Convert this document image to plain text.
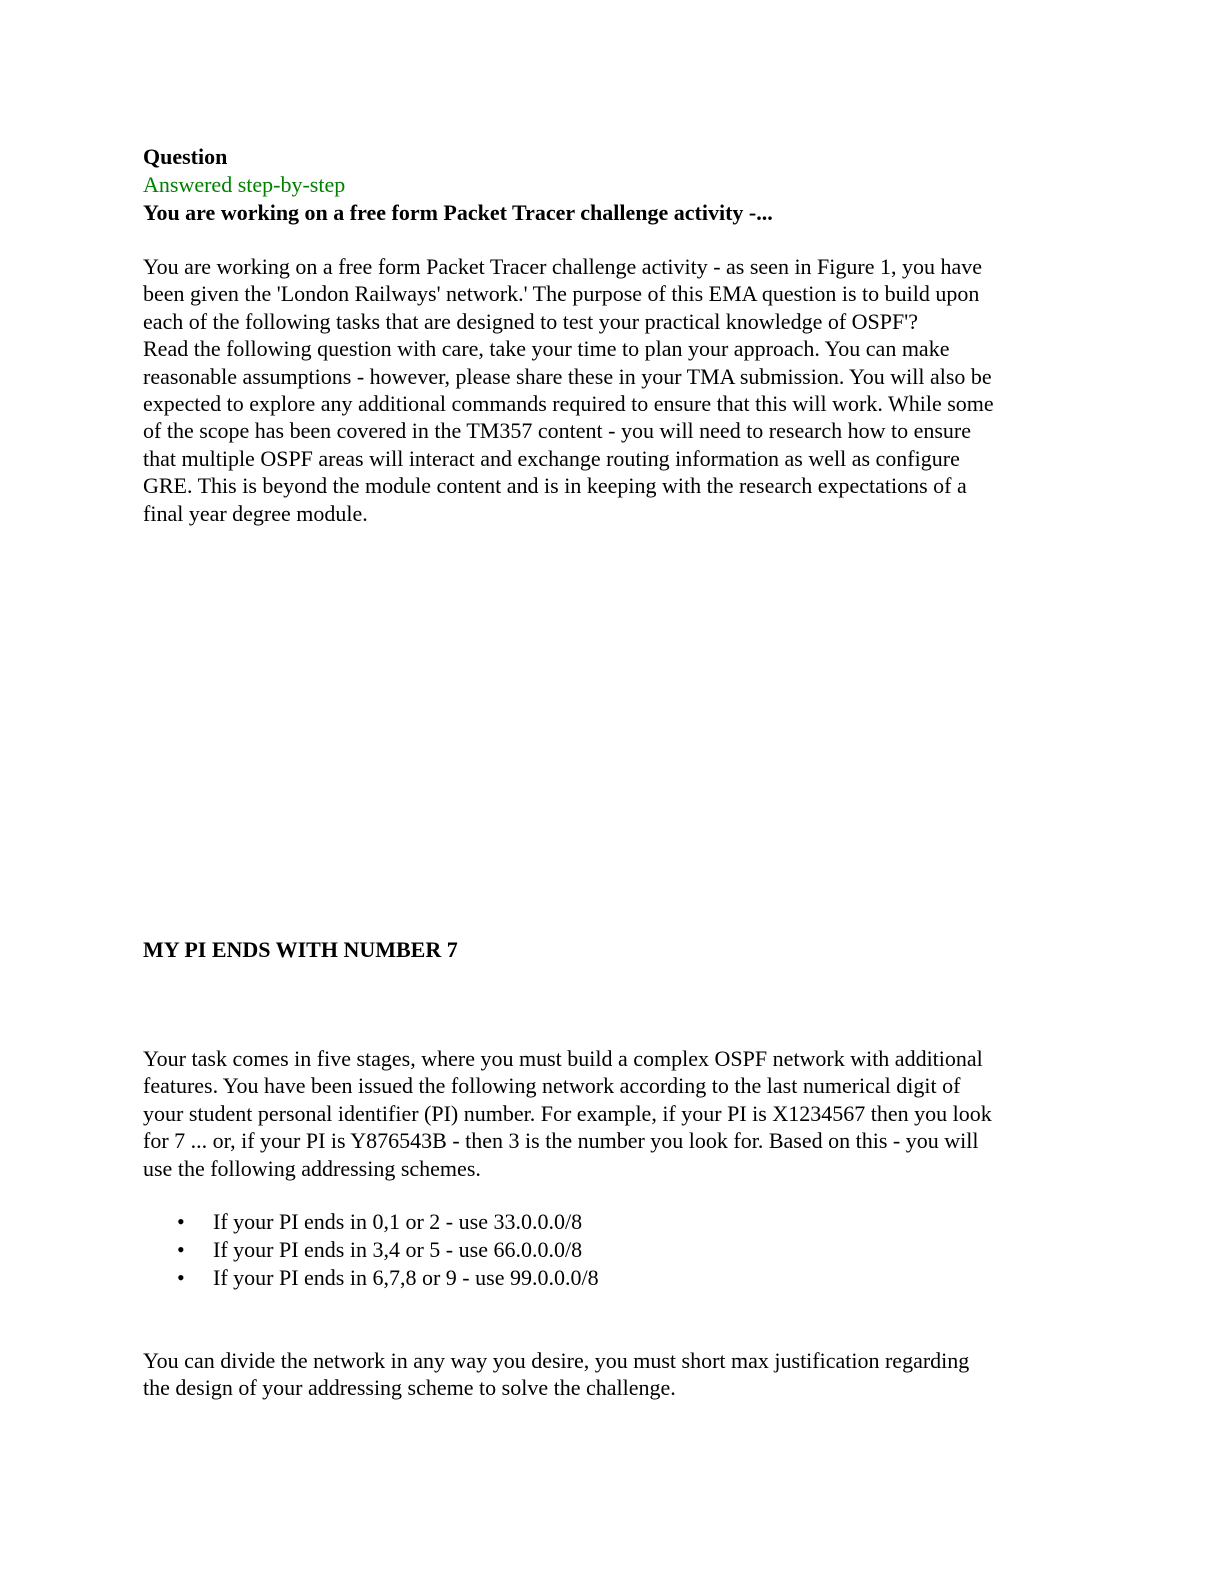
Question

Answered step-by-step

You are working on a free form Packet Tracer challenge activity -...

You are working on a free form Packet Tracer challenge activity - as seen in Figure 1, you have
been given the 'London Railways' network.' The purpose of this EMA question is to build upon
each of the following tasks that are designed to test your practical knowledge of OSPF'?
Read the following question with care, take your time to plan your approach. You can make
reasonable assumptions - however, please share these in your TMA submission. You will also be
expected to explore any additional commands required to ensure that this will work. While some
of the scope has been covered in the TM357 content - you will need to research how to ensure
that multiple OSPF areas will interact and exchange routing information as well as configure
GRE. This is beyond the module content and is in keeping with the research expectations of a
final year degree module.

MY PI ENDS WITH NUMBER 7

Your task comes in five stages, where you must build a complex OSPF network with additional
features. You have been issued the following network according to the last numerical digit of
your student personal identifier (PI) number. For example, if your PI is X1234567 then you look
for 7 ... or, if your PI is Y876543B - then 3 is the number you look for. Based on this - you will
use the following addressing schemes.
• If your PI ends in 0,1 or 2 - use 33.0.0.0/8
• If your PI ends in 3,4 or 5 - use 66.0.0.0/8
• If your PI ends in 6,7,8 or 9 - use 99.0.0.0/8
You can divide the network in any way you desire, you must short max justification regarding
the design of your addressing scheme to solve the challenge.
